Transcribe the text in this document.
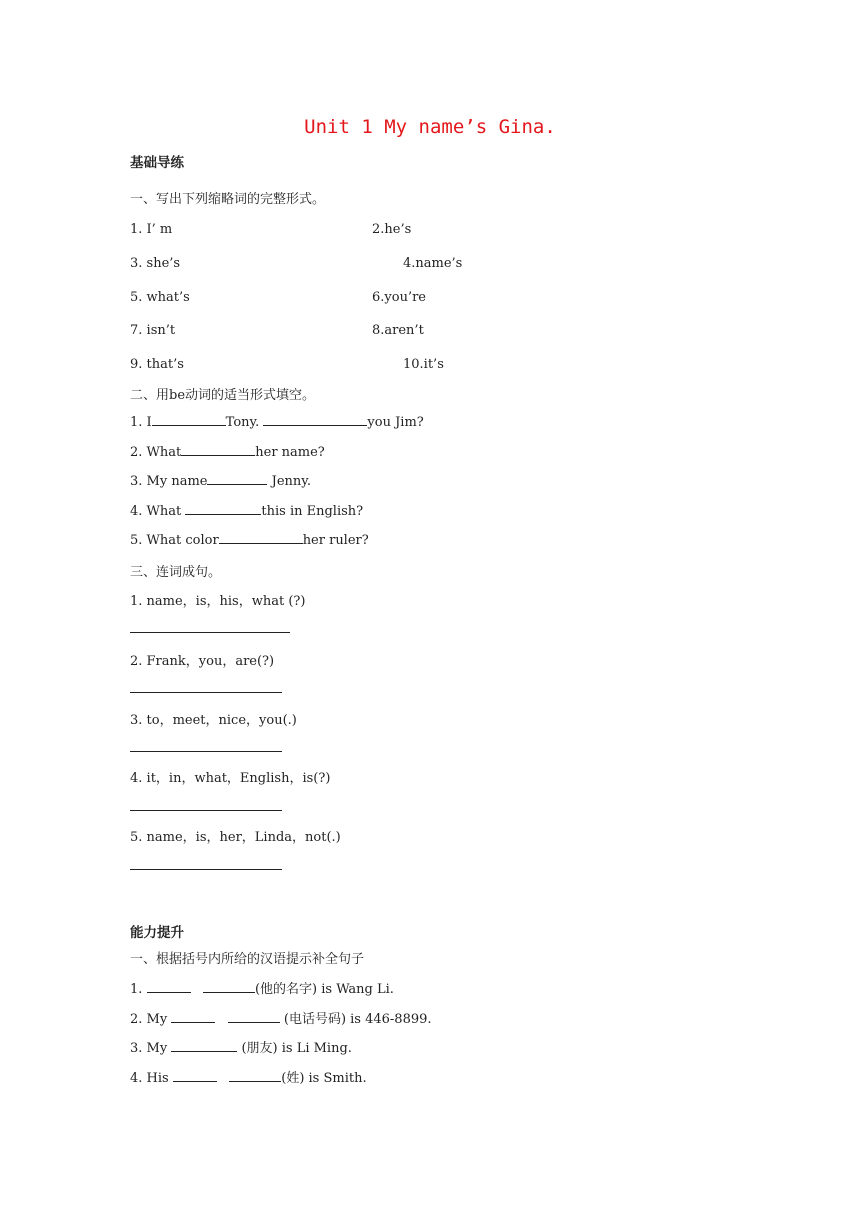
Unit 1 My name’s Gina.
基础导练
一、写出下列缩略词的完整形式。
1. I’ m	2.he’s
3. she’s	4.name’s
5. what’s	6.you’re
7. isn’t	8.aren’t
9. that’s	10.it’s
二、用be动词的适当形式填空。
1. I	Tony.	you Jim?
2. What	her name?
3. My name	Jenny.
4. What	this in English?
5. What color	her ruler?
三、连词成句。
1. name，is，his，what (?)
2. Frank，you，are(?)
3. to，meet，nice，you(.)
4. it，in，what，English，is(?)
5. name，is，her，Linda，not(.)
能力提升
一、根据括号内所给的汉语提示补全句子
1.	(他的名字) is Wang Li.
2. My	(电话号码) is 446-8899.
3. My	(朋友) is Li Ming.
4. His	(姓) is Smith.
